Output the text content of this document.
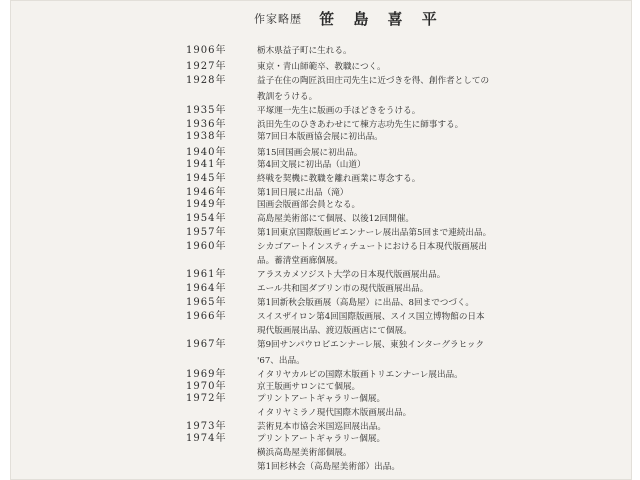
作家略歴 笹 島 喜 平
1906年	栃木県益子町に生れる。
1927年	東京・青山師範卒、教職につく。
1928年	益子在住の陶匠浜田庄司先生に近づきを得、創作者としての
教訓をうける。
1935年	平塚運一先生に版画の手ほどきをうける。
1936年	浜田先生のひきあわせにて棟方志功先生に師事する。
1938年	第7回日本版画協会展に初出品。
1940年	第15回国画会展に初出品。
1941年	第4回文展に初出品（山道）
1945年	終戦を契機に教職を離れ画業に専念する。
1946年	第1回日展に出品（滝）
1949年	国画会版画部会員となる。
1954年	高島屋美術部にて個展、以後12回開催。
1957年	第1回東京国際版画ビエンナーレ展出品第5回まで連続出品。
1960年	シカゴアートインスティチュートにおける日本現代版画展出
品。蓄清堂画廊個展。
1961年	アラスカメソジスト大学の日本現代版画展出品。
1964年	エール共和国ダブリン市の現代版画展出品。
1965年	第1回新秋会版画展（高島屋）に出品、8回までつづく。
1966年	スイスザイロン第4回国際版画展、スイス国立博物館の日本
現代版画展出品、渡辺版画店にて個展。
1967年	第9回サンパウロビエンナーレ展、東独インターグラヒック
'67、出品。
1969年	イタリヤカルピの国際木版画トリエンナーレ展出品。
1970年	京王版画サロンにて個展。
1972年	プリントアートギャラリー個展。
イタリヤミラノ現代国際木版画展出品。
1973年	芸術見本市協会米国巡回展出品。
1974年	プリントアートギャラリー個展。
横浜高島屋美術部個展。
第1回杉林会（高島屋美術部）出品。
